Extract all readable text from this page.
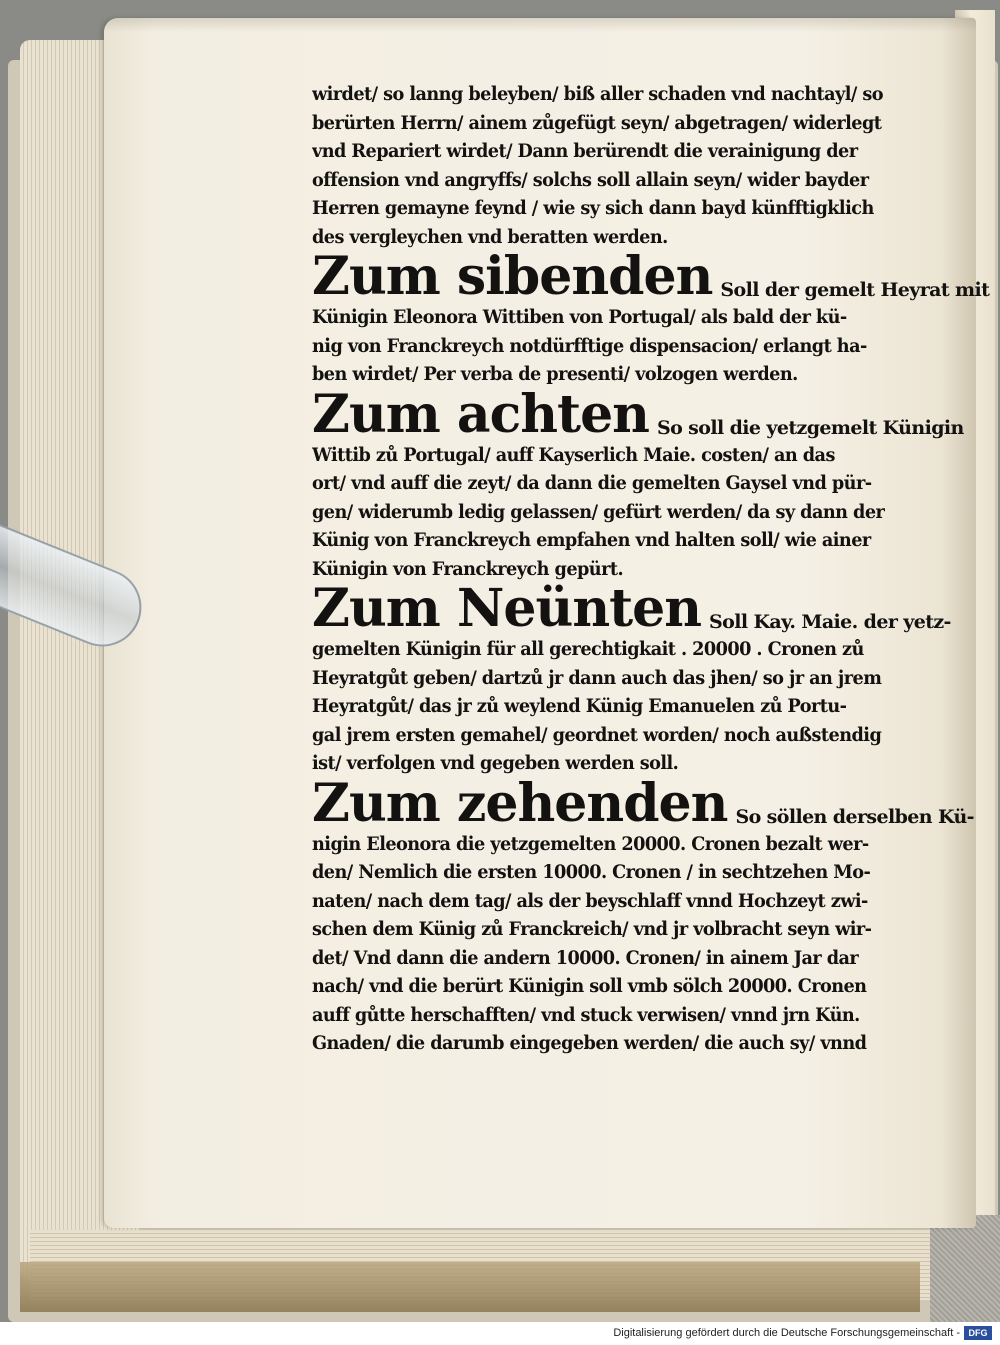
wirdet/ so lanng beleyben/ biß aller schaden vnd nachtayl/ so
berürten Herrn/ ainem zůgefügt seyn/ abgetragen/ widerlegt
vnd Repariert wirdet/ Dann berürendt die verainigung der
offension vnd angryffs/ solchs soll allain seyn/ wider bayder
Herren gemayne feynd / wie sy sich dann bayd künfftigklich
des vergleychen vnd beratten werden.
Zum sibenden Soll der gemelt Heyrat mit
Künigin Eleonora Wittiben von Portugal/ als bald der kü-
nig von Franckreych notdürfftige dispensacion/ erlangt ha-
ben wirdet/ Per verba de presenti/ volzogen werden.
Zum achten So soll die yetzgemelt Künigin
Wittib zů Portugal/ auff Kayserlich Maie. costen/ an das
ort/ vnd auff die zeyt/ da dann die gemelten Gaysel vnd pür-
gen/ widerumb ledig gelassen/ gefürt werden/ da sy dann der
Künig von Franckreych empfahen vnd halten soll/ wie ainer
Künigin von Franckreych gepürt.
Zum Neünten Soll Kay. Maie. der yetz-
gemelten Künigin für all gerechtigkait . 20000 . Cronen zů
Heyratgůt geben/ dartzů jr dann auch das jhen/ so jr an jrem
Heyratgůt/ das jr zů weylend Künig Emanuelen zů Portu-
gal jrem ersten gemahel/ geordnet worden/ noch außstendig
ist/ verfolgen vnd gegeben werden soll.
Zum zehenden So söllen derselben Kü-
nigin Eleonora die yetzgemelten 20000. Cronen bezalt wer-
den/ Nemlich die ersten 10000. Cronen / in sechtzehen Mo-
naten/ nach dem tag/ als der beyschlaff vnnd Hochzeyt zwi-
schen dem Künig zů Franckreich/ vnd jr volbracht seyn wir-
det/ Vnd dann die andern 10000. Cronen/ in ainem Jar dar
nach/ vnd die berürt Künigin soll vmb sölch 20000. Cronen
auff gůtte herschafften/ vnd stuck verwisen/ vnnd jrn Kün.
Gnaden/ die darumb eingegeben werden/ die auch sy/ vnnd
Digitalisierung gefördert durch die Deutsche Forschungsgemeinschaft - DFG
